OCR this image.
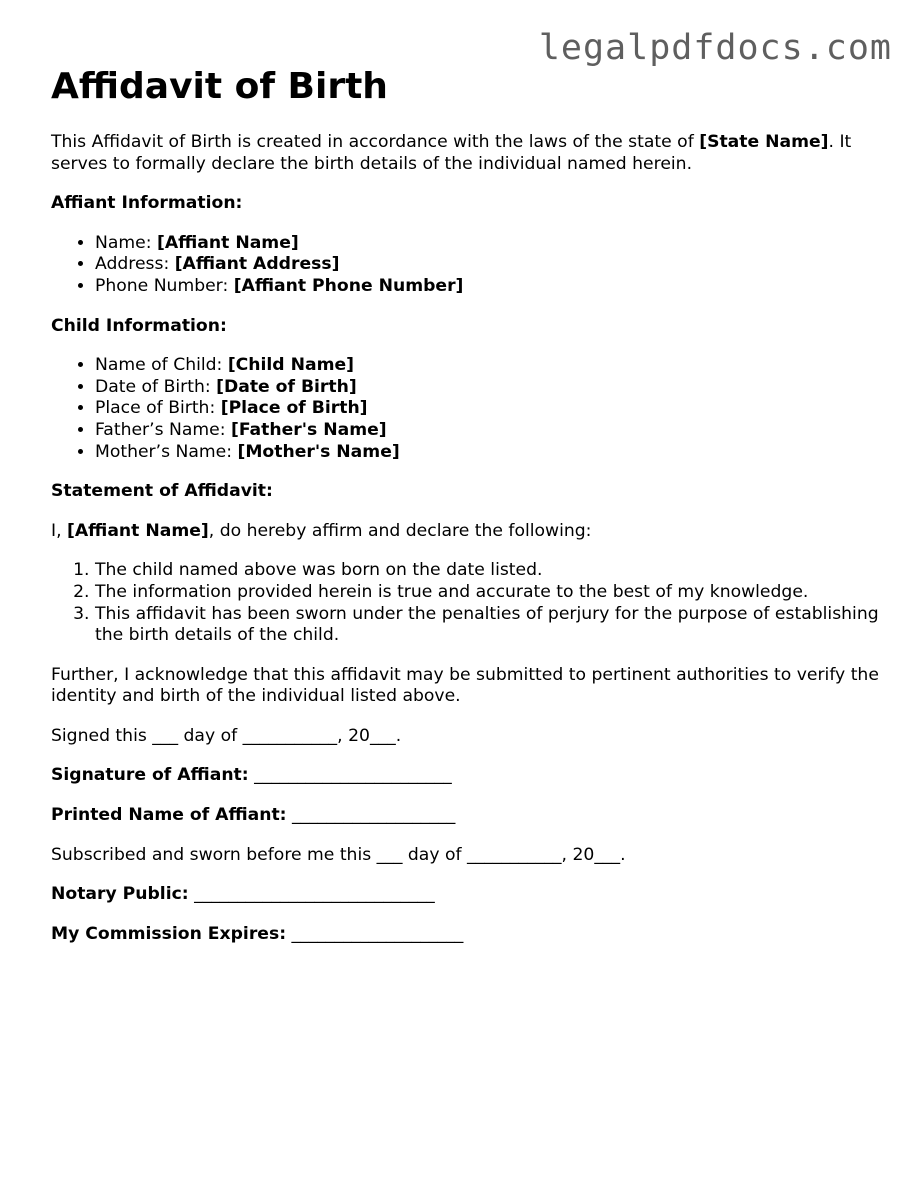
legalpdfdocs.com
Affidavit of Birth

This Affidavit of Birth is created in accordance with the laws of the state of [State Name]. It serves to formally declare the birth details of the individual named herein.

Affiant Information:

• Name: [Affiant Name]
• Address: [Affiant Address]
• Phone Number: [Affiant Phone Number]

Child Information:

• Name of Child: [Child Name]
• Date of Birth: [Date of Birth]
• Place of Birth: [Place of Birth]
• Father’s Name: [Father's Name]
• Mother’s Name: [Mother's Name]

Statement of Affidavit:

I, [Affiant Name], do hereby affirm and declare the following:

1. The child named above was born on the date listed.
2. The information provided herein is true and accurate to the best of my knowledge.
3. This affidavit has been sworn under the penalties of perjury for the purpose of establishing the birth details of the child.

Further, I acknowledge that this affidavit may be submitted to pertinent authorities to verify the identity and birth of the individual listed above.

Signed this ___ day of ___________, 20___.

Signature of Affiant: _______________________

Printed Name of Affiant: ___________________

Subscribed and sworn before me this ___ day of ___________, 20___.

Notary Public: ____________________________

My Commission Expires: ____________________
